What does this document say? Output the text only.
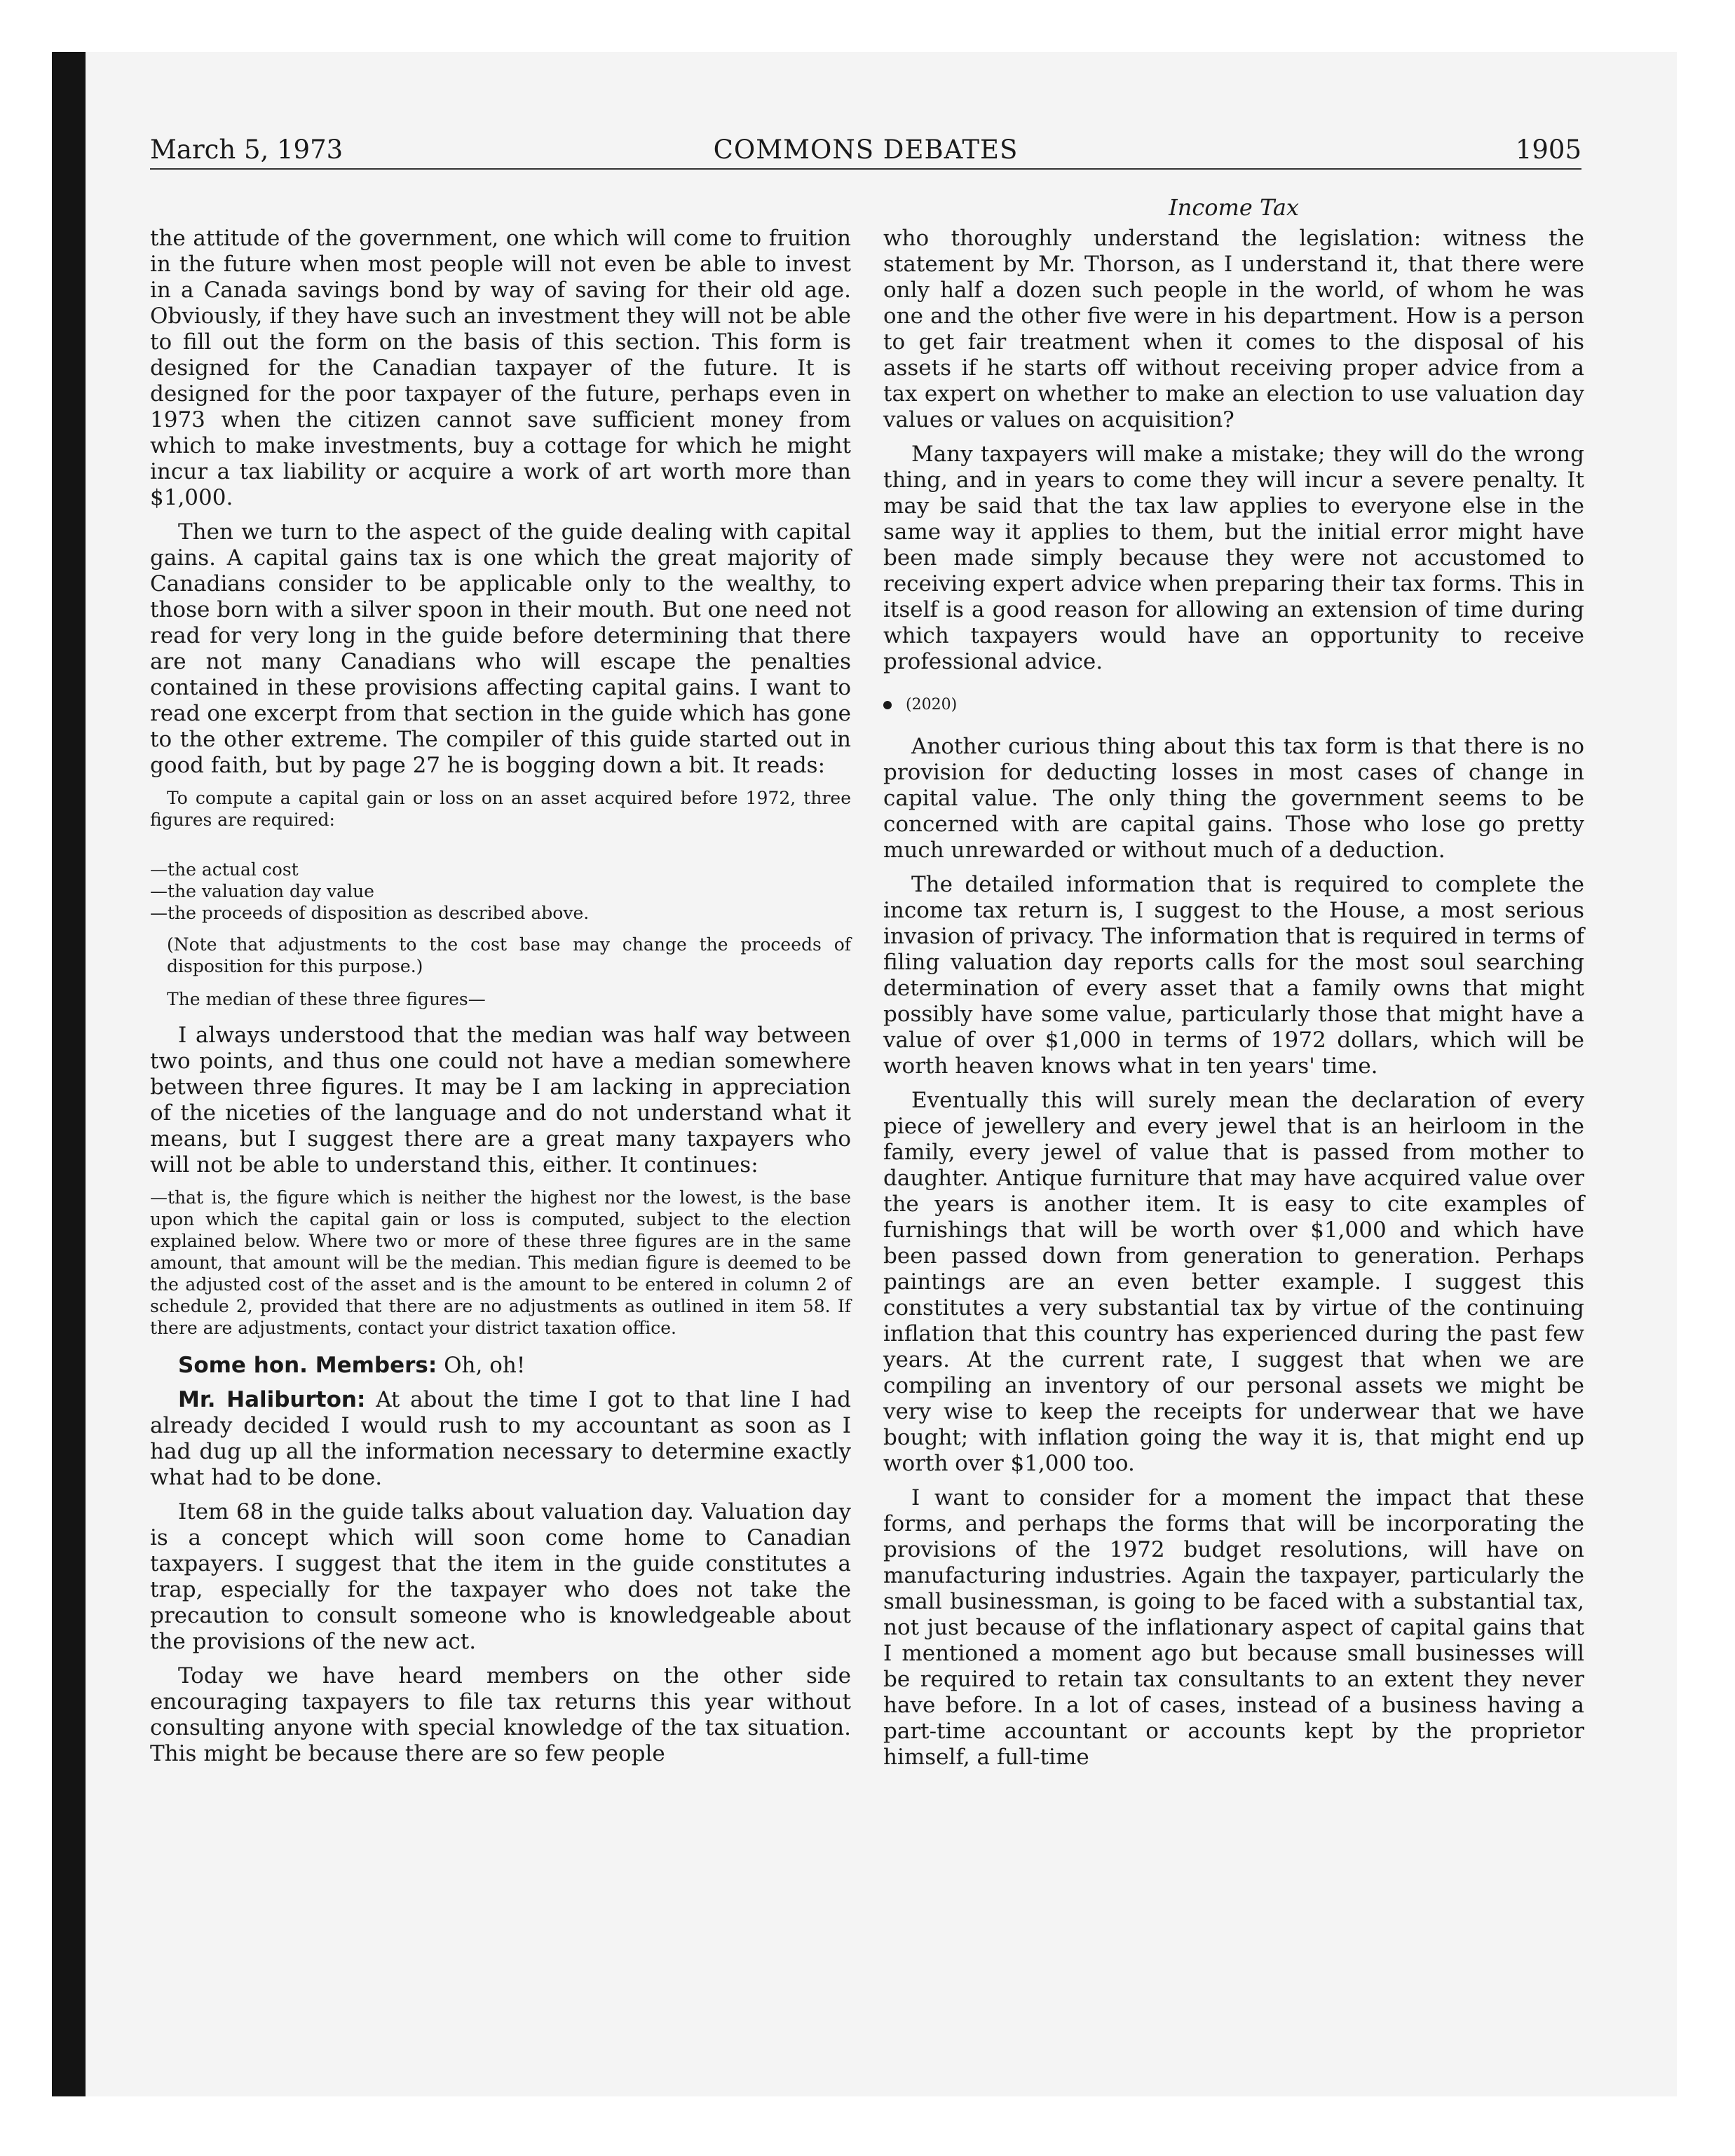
March 5, 1973	COMMONS DEBATES	1905
Income Tax

the attitude of the government, one which will come to fruition in the future when most people will not even be able to invest in a Canada savings bond by way of saving for their old age. Obviously, if they have such an investment they will not be able to fill out the form on the basis of this section. This form is designed for the Canadian taxpayer of the future. It is designed for the poor taxpayer of the future, perhaps even in 1973 when the citizen cannot save sufficient money from which to make investments, buy a cottage for which he might incur a tax liability or acquire a work of art worth more than $1,000.

Then we turn to the aspect of the guide dealing with capital gains. A capital gains tax is one which the great majority of Canadians consider to be applicable only to the wealthy, to those born with a silver spoon in their mouth. But one need not read for very long in the guide before determining that there are not many Canadians who will escape the penalties contained in these provisions affecting capital gains. I want to read one excerpt from that section in the guide which has gone to the other extreme. The compiler of this guide started out in good faith, but by page 27 he is bogging down a bit. It reads:

To compute a capital gain or loss on an asset acquired before 1972, three figures are required:

—the actual cost
—the valuation day value
—the proceeds of disposition as described above.

(Note that adjustments to the cost base may change the proceeds of disposition for this purpose.)

The median of these three figures—

I always understood that the median was half way between two points, and thus one could not have a median somewhere between three figures. It may be I am lacking in appreciation of the niceties of the language and do not understand what it means, but I suggest there are a great many taxpayers who will not be able to understand this, either. It continues:

—that is, the figure which is neither the highest nor the lowest, is the base upon which the capital gain or loss is computed, subject to the election explained below. Where two or more of these three figures are in the same amount, that amount will be the median. This median figure is deemed to be the adjusted cost of the asset and is the amount to be entered in column 2 of schedule 2, provided that there are no adjustments as outlined in item 58. If there are adjustments, contact your district taxation office.

Some hon. Members: Oh, oh!

Mr. Haliburton: At about the time I got to that line I had already decided I would rush to my accountant as soon as I had dug up all the information necessary to determine exactly what had to be done.

Item 68 in the guide talks about valuation day. Valuation day is a concept which will soon come home to Canadian taxpayers. I suggest that the item in the guide constitutes a trap, especially for the taxpayer who does not take the precaution to consult someone who is knowledgeable about the provisions of the new act.

Today we have heard members on the other side encouraging taxpayers to file tax returns this year without consulting anyone with special knowledge of the tax situation. This might be because there are so few people

who thoroughly understand the legislation: witness the statement by Mr. Thorson, as I understand it, that there were only half a dozen such people in the world, of whom he was one and the other five were in his department. How is a person to get fair treatment when it comes to the disposal of his assets if he starts off without receiving proper advice from a tax expert on whether to make an election to use valuation day values or values on acquisition?

Many taxpayers will make a mistake; they will do the wrong thing, and in years to come they will incur a severe penalty. It may be said that the tax law applies to everyone else in the same way it applies to them, but the initial error might have been made simply because they were not accustomed to receiving expert advice when preparing their tax forms. This in itself is a good reason for allowing an extension of time during which taxpayers would have an opportunity to receive professional advice.

(2020)

Another curious thing about this tax form is that there is no provision for deducting losses in most cases of change in capital value. The only thing the government seems to be concerned with are capital gains. Those who lose go pretty much unrewarded or without much of a deduction.

The detailed information that is required to complete the income tax return is, I suggest to the House, a most serious invasion of privacy. The information that is required in terms of filing valuation day reports calls for the most soul searching determination of every asset that a family owns that might possibly have some value, particularly those that might have a value of over $1,000 in terms of 1972 dollars, which will be worth heaven knows what in ten years' time.

Eventually this will surely mean the declaration of every piece of jewellery and every jewel that is an heirloom in the family, every jewel of value that is passed from mother to daughter. Antique furniture that may have acquired value over the years is another item. It is easy to cite examples of furnishings that will be worth over $1,000 and which have been passed down from generation to generation. Perhaps paintings are an even better example. I suggest this constitutes a very substantial tax by virtue of the continuing inflation that this country has experienced during the past few years. At the current rate, I suggest that when we are compiling an inventory of our personal assets we might be very wise to keep the receipts for underwear that we have bought; with inflation going the way it is, that might end up worth over $1,000 too.

I want to consider for a moment the impact that these forms, and perhaps the forms that will be incorporating the provisions of the 1972 budget resolutions, will have on manufacturing industries. Again the taxpayer, particularly the small businessman, is going to be faced with a substantial tax, not just because of the inflationary aspect of capital gains that I mentioned a moment ago but because small businesses will be required to retain tax consultants to an extent they never have before. In a lot of cases, instead of a business having a part-time accountant or accounts kept by the proprietor himself, a full-time
